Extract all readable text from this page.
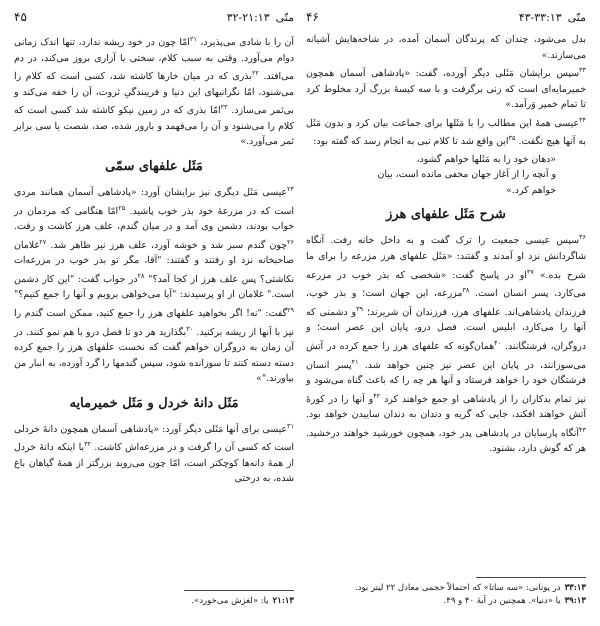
متّی
۳۲-۲۱:۱۳
۴۵

آن را با شادی می‌پذیرد، $^{۲۱}$امّا چون در خود ریشه ندارد، تنها اندک زمانی دوام می‌آورد. وقتی به سبب کلام، سختی یا آزاری بروز می‌کند، در دم می‌افتد. $^{۲۲}$بذری که در میان خارها کاشته شد، کسی است که کلام را می‌شنود، امّا نگرانیهای این دنیا و فریبندگیِ ثروت، آن را خفه می‌کند و بی‌ثمر می‌سازد. $^{۲۳}$امّا بذری که در زمین نیکو کاشته شد کسی است که کلام را می‌شنود و آن را می‌فهمد و بارور شده، صد، شصت یا سی برابر ثمر می‌آورد.»

مَثَل علفهای سمّی

$^{۲۴}$عیسی مَثَل دیگری نیز برایشان آورد: «پادشاهی آسمان همانند مردی است که در مزرعهٔ خود بذر خوب پاشید. $^{۲۵}$امّا هنگامی که مردمان در خواب بودند، دشمن وی آمد و در میان گندم، علف هرز کاشت و رفت. $^{۲۶}$چون گندم سبز شد و خوشه آورد، علف هرز نیز ظاهر شد. $^{۲۷}$غلامان صاحبخانه نزد او رفتند و گفتند: "آقا، مگر تو بذر خوب در مزرعه‌ات نکاشتی؟ پس علف هرز از کجا آمد؟" $^{۲۸}$در جواب گفت: "این کار دشمن است." غلامان از او پرسیدند: "آیا می‌خواهی برویم و آنها را جمع کنیم؟" $^{۲۹}$گفت: "نه! اگر بخواهید علفهای هرز را جمع کنید، ممکن است گندم را نیز با آنها از ریشه برکنید. $^{۳۰}$بگذارید هر دو تا فصل درو با هم نمو کنند. در آن زمان به دروگران خواهم گفت که نخست علفهای هرز را جمع کرده دسته دسته کنند تا سوزانده شود، سپس گندمها را گرد آورده، به انبار من بیاورند."»

مَثَل دانهٔ خردل و مَثَل خمیرمایه

$^{۳۱}$عیسی برای آنها مَثَلی دیگر آورد: «پادشاهی آسمان همچون دانهٔ خردلی است که کسی آن را گرفت و در مزرعه‌اش کاشت. $^{۳۲}$با اینکه دانهٔ خردل از همهٔ دانه‌ها کوچکتر است، امّا چون می‌روید بزرگتر از همهٔ گیاهان باغ شده، به درختی

۲۱:۱۳یا: «لغزش می‌خورد».

متّی
۴۳-۳۳:۱۳
۴۶

بدل می‌شود، چندان که پرندگان آسمان آمده، در شاخه‌هایش آشیانه می‌سازند.»

$^{۳۳}$سپس برایشان مَثَلی دیگر آورده، گفت: «پادشاهی آسمان همچون خمیرمایه‌ای است که زنی برگرفت و با سه کیسهٔ بزرگ آرد مخلوط کرد تا تمام خمیر وَرآمد.»

$^{۳۴}$عیسی همهٔ این مطالب را با مَثَلها برای جماعت بیان کرد و بدون مَثَل به آنها هیچ نگفت. $^{۳۵}$این واقع شد تا کلام نبی به انجام رسد که گفته بود:

«دهان خود را به مَثَلها خواهم گشود،
و آنچه را از آغاز جهان مخفی مانده است، بیان
خواهم کرد.»
شرح مَثَل علفهای هرز

$^{۳۶}$سپس عیسی جمعیت را ترک گفت و به داخل خانه رفت. آنگاه شاگردانش نزد او آمدند و گفتند: «مَثَل علفهای هرز مزرعه را برای ما شرح بده.» $^{۳۷}$او در پاسخ گفت: «شخصی که بذر خوب در مزرعه می‌کارد، پسر انسان است. $^{۳۸}$مزرعه، این جهان است؛ و بذر خوب، فرزندان پادشاهی‌اند. علفهای هرز، فرزندان آن شریرند؛ $^{۳۹}$و دشمنی که آنها را می‌کارد، ابلیس است. فصل درو، پایان این عصر است؛ و دروگران، فرشتگانند. $^{۴۰}$همان‌گونه که علفهای هرز را جمع کرده در آتش می‌سوزانند، در پایان این عصر نیز چنین خواهد شد. $^{۴۱}$پسر انسان فرشتگان خود را خواهد فرستاد و آنها هر چه را که باعث گناه می‌شود و نیز تمام بدکاران را از پادشاهی او جمع خواهند کرد $^{۴۲}$و آنها را در کورهٔ آتش خواهند افکند، جایی که گریه و دندان به دندان ساییدن خواهد بود. $^{۴۳}$آنگاه پارسایان در پادشاهی پدر خود، همچون خورشید خواهند درخشید. هر که گوش دارد، بشنود.

۳۳:۱۳در یونانی: «سه ساتا» که احتمالاً حجمی معادل ۲۲ لیتر بود.

۳۹:۱۳یا «دنیا». همچنین در آیهٔ ۴۰ و ۴۹.
